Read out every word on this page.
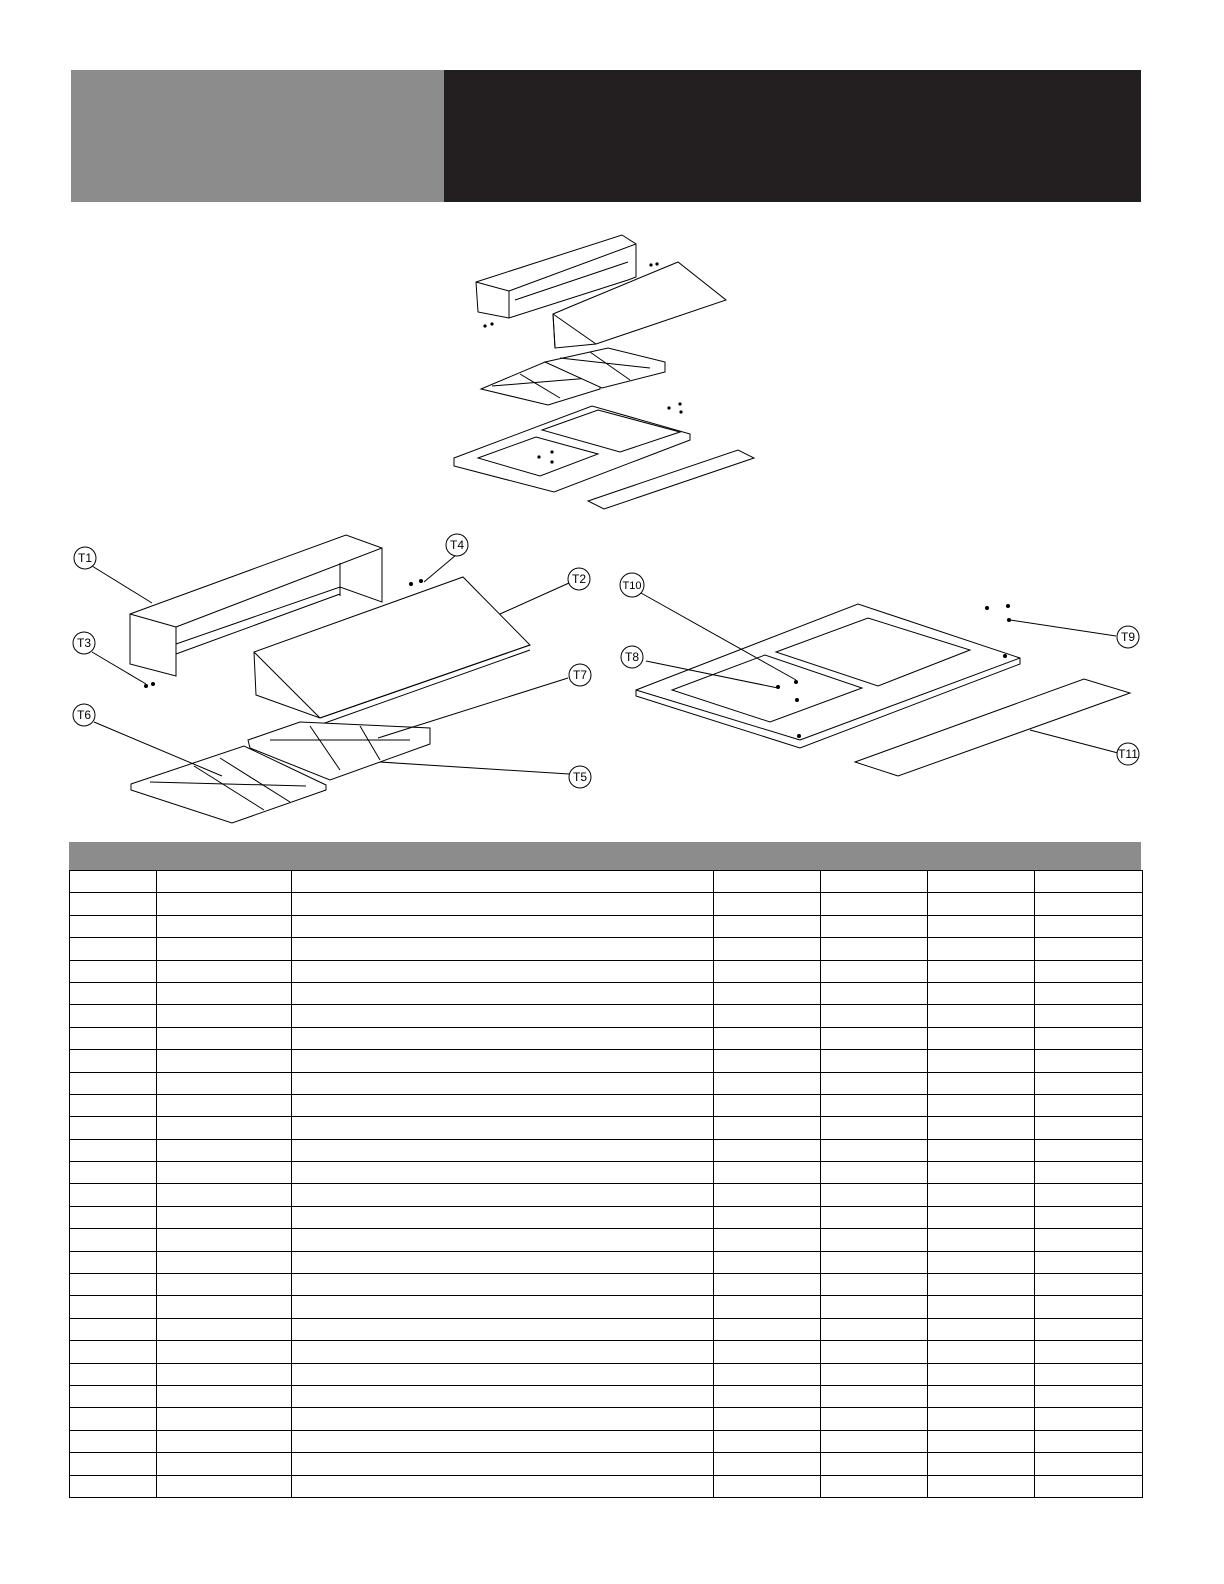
T1
T4
T2
T3
T6
T7
T5
T10
T8
T9
T11
